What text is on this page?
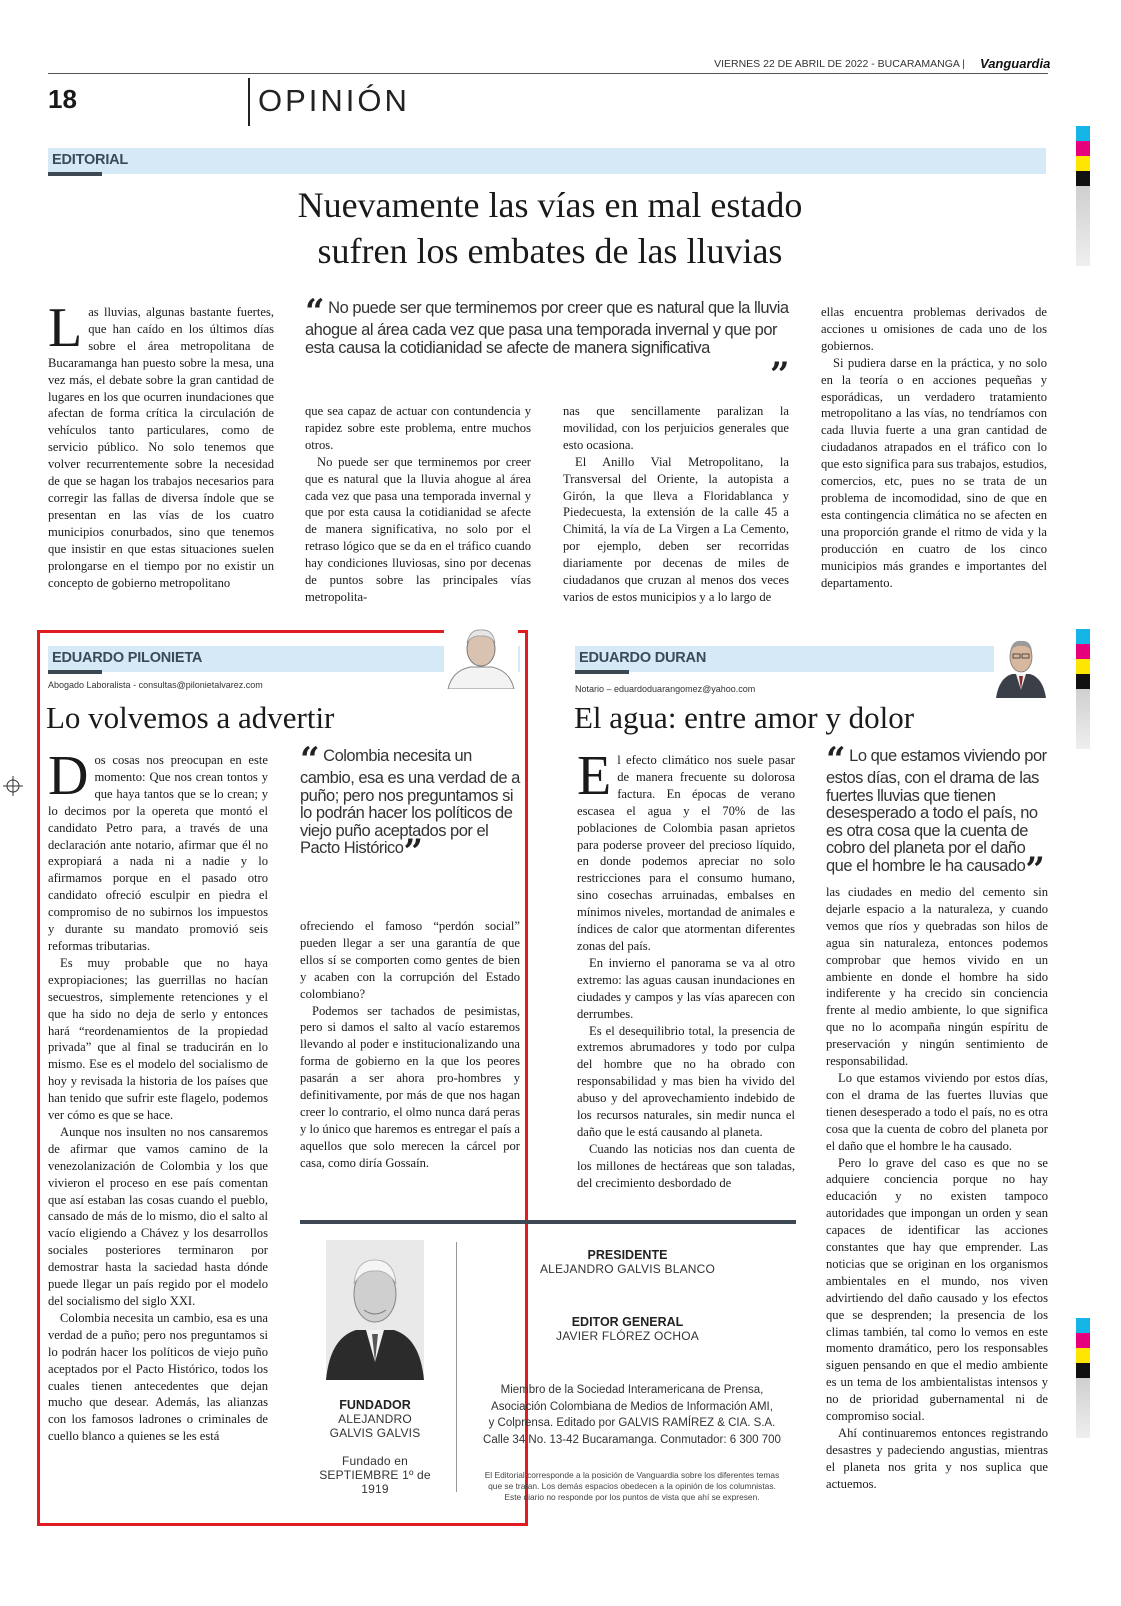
VIERNES 22 DE ABRIL DE 2022 - BUCARAMANGA | Vanguardia
18	OPINIÓN
EDITORIAL
Nuevamente las vías en mal estado
sufren los embates de las lluvias

Las lluvias, algunas bastante fuertes, que han caído en los últimos días sobre el área metropolitana de Bucaramanga han puesto sobre la mesa, una vez más, el debate sobre la gran cantidad de lugares en los que ocurren inundaciones que afectan de forma crítica la circulación de vehículos tanto particulares, como de servicio público. No solo tenemos que volver recurrentemente sobre la necesidad de que se hagan los trabajos necesarios para corregir las fallas de diversa índole que se presentan en las vías de los cuatro municipios conurbados, sino que tenemos que insistir en que estas situaciones suelen prolongarse en el tiempo por no existir un concepto de gobierno metropolitano

“ No puede ser que terminemos por creer que es natural que la lluvia ahogue al área cada vez que pasa una temporada invernal y que por esta causa la cotidianidad se afecte de manera significativa
”

que sea capaz de actuar con contundencia y rapidez sobre este problema, entre muchos otros.

No puede ser que terminemos por creer que es natural que la lluvia ahogue al área cada vez que pasa una temporada invernal y que por esta causa la cotidianidad se afecte de manera significativa, no solo por el retraso lógico que se da en el tráfico cuando hay condiciones lluviosas, sino por decenas de puntos sobre las principales vías metropolita-

nas que sencillamente paralizan la movilidad, con los perjuicios generales que esto ocasiona.

El Anillo Vial Metropolitano, la Transversal del Oriente, la autopista a Girón, la que lleva a Floridablanca y Piedecuesta, la extensión de la calle 45 a Chimitá, la vía de La Virgen a La Cemento, por ejemplo, deben ser recorridas diariamente por decenas de miles de ciudadanos que cruzan al menos dos veces varios de estos municipios y a lo largo de

ellas encuentra problemas derivados de acciones u omisiones de cada uno de los gobiernos.

Si pudiera darse en la práctica, y no solo en la teoría o en acciones pequeñas y esporádicas, un verdadero tratamiento metropolitano a las vías, no tendríamos con cada lluvia fuerte a una gran cantidad de ciudadanos atrapados en el tráfico con lo que esto significa para sus trabajos, estudios, comercios, etc, pues no se trata de un problema de incomodidad, sino de que en esta contingencia climática no se afecten en una proporción grande el ritmo de vida y la producción en cuatro de los cinco municipios más grandes e importantes del departamento.

EDUARDO PILONIETA
Abogado Laboralista - consultas@pilonietalvarez.com
Lo volvemos a advertir

Dos cosas nos preocupan en este momento: Que nos crean tontos y que haya tantos que se lo crean; y lo decimos por la opereta que montó el candidato Petro para, a través de una declaración ante notario, afirmar que él no expropiará a nada ni a nadie y lo afirmamos porque en el pasado otro candidato ofreció esculpir en piedra el compromiso de no subirnos los impuestos y durante su mandato promovió seis reformas tributarias.

Es muy probable que no haya expropiaciones; las guerrillas no hacían secuestros, simplemente retenciones y el que ha sido no deja de serlo y entonces hará “reordenamientos de la propiedad privada” que al final se traducirán en lo mismo. Ese es el modelo del socialismo de hoy y revisada la historia de los países que han tenido que sufrir este flagelo, podemos ver cómo es que se hace.

Aunque nos insulten no nos cansaremos de afirmar que vamos camino de la venezolanización de Colombia y los que vivieron el proceso en ese país comentan que así estaban las cosas cuando el pueblo, cansado de más de lo mismo, dio el salto al vacío eligiendo a Chávez y los desarrollos sociales posteriores terminaron por demostrar hasta la saciedad hasta dónde puede llegar un país regido por el modelo del socialismo del siglo XXI.

Colombia necesita un cambio, esa es una verdad de a puño; pero nos preguntamos si lo podrán hacer los políticos de viejo puño aceptados por el Pacto Histórico, todos los cuales tienen antecedentes que dejan mucho que desear. Además, las alianzas con los famosos ladrones o criminales de cuello blanco a quienes se les está

“ Colombia necesita un cambio, esa es una verdad de a puño; pero nos preguntamos si lo podrán hacer los políticos de viejo puño aceptados por el Pacto Histórico”

ofreciendo el famoso “perdón social” pueden llegar a ser una garantía de que ellos sí se comporten como gentes de bien y acaben con la corrupción del Estado colombiano?

Podemos ser tachados de pesimistas, pero si damos el salto al vacío estaremos llevando al poder e institucionalizando una forma de gobierno en la que los peores pasarán a ser ahora pro-hombres y definitivamente, por más de que nos hagan creer lo contrario, el olmo nunca dará peras y lo único que haremos es entregar el país a aquellos que solo merecen la cárcel por casa, como diría Gossaín.

EDUARDO DURAN
Notario – eduardoduarangomez@yahoo.com
El agua: entre amor y dolor

El efecto climático nos suele pasar de manera frecuente su dolorosa factura. En épocas de verano escasea el agua y el 70% de las poblaciones de Colombia pasan aprietos para poderse proveer del precioso líquido, en donde podemos apreciar no solo restricciones para el consumo humano, sino cosechas arruinadas, embalses en mínimos niveles, mortandad de animales e índices de calor que atormentan diferentes zonas del país.

En invierno el panorama se va al otro extremo: las aguas causan inundaciones en ciudades y campos y las vías aparecen con derrumbes.

Es el desequilibrio total, la presencia de extremos abrumadores y todo por culpa del hombre que no ha obrado con responsabilidad y mas bien ha vivido del abuso y del aprovechamiento indebido de los recursos naturales, sin medir nunca el daño que le está causando al planeta.

Cuando las noticias nos dan cuenta de los millones de hectáreas que son taladas, del crecimiento desbordado de

“ Lo que estamos viviendo por estos días, con el drama de las fuertes lluvias que tienen desesperado a todo el país, no es otra cosa que la cuenta de cobro del planeta por el daño que el hombre le ha causado”

las ciudades en medio del cemento sin dejarle espacio a la naturaleza, y cuando vemos que ríos y quebradas son hilos de agua sin naturaleza, entonces podemos comprobar que hemos vivido en un ambiente en donde el hombre ha sido indiferente y ha crecido sin conciencia frente al medio ambiente, lo que significa que no lo acompaña ningún espíritu de preservación y ningún sentimiento de responsabilidad.

Lo que estamos viviendo por estos días, con el drama de las fuertes lluvias que tienen desesperado a todo el país, no es otra cosa que la cuenta de cobro del planeta por el daño que el hombre le ha causado.

Pero lo grave del caso es que no se adquiere conciencia porque no hay educación y no existen tampoco autoridades que impongan un orden y sean capaces de identificar las acciones constantes que hay que emprender. Las noticias que se originan en los organismos ambientales en el mundo, nos viven advirtiendo del daño causado y los efectos que se desprenden; la presencia de los climas también, tal como lo vemos en este momento dramático, pero los responsables siguen pensando en que el medio ambiente es un tema de los ambientalistas intensos y no de prioridad gubernamental ni de compromiso social.

Ahí continuaremos entonces registrando desastres y padeciendo angustias, mientras el planeta nos grita y nos suplica que actuemos.

FUNDADOR
ALEJANDRO
GALVIS GALVIS
Fundado en
SEPTIEMBRE 1º de 1919
PRESIDENTE
ALEJANDRO GALVIS BLANCO
EDITOR GENERAL
JAVIER FLÓREZ OCHOA
Miembro de la Sociedad Interamericana de Prensa,
Asociación Colombiana de Medios de Información AMI,
y Colprensa. Editado por GALVIS RAMÍREZ & CIA. S.A.
Calle 34 No. 13-42 Bucaramanga. Conmutador: 6 300 700
El Editorial corresponde a la posición de Vanguardia sobre los diferentes temas
que se tratan. Los demás espacios obedecen a la opinión de los columnistas.
Este diario no responde por los puntos de vista que ahí se expresen.
